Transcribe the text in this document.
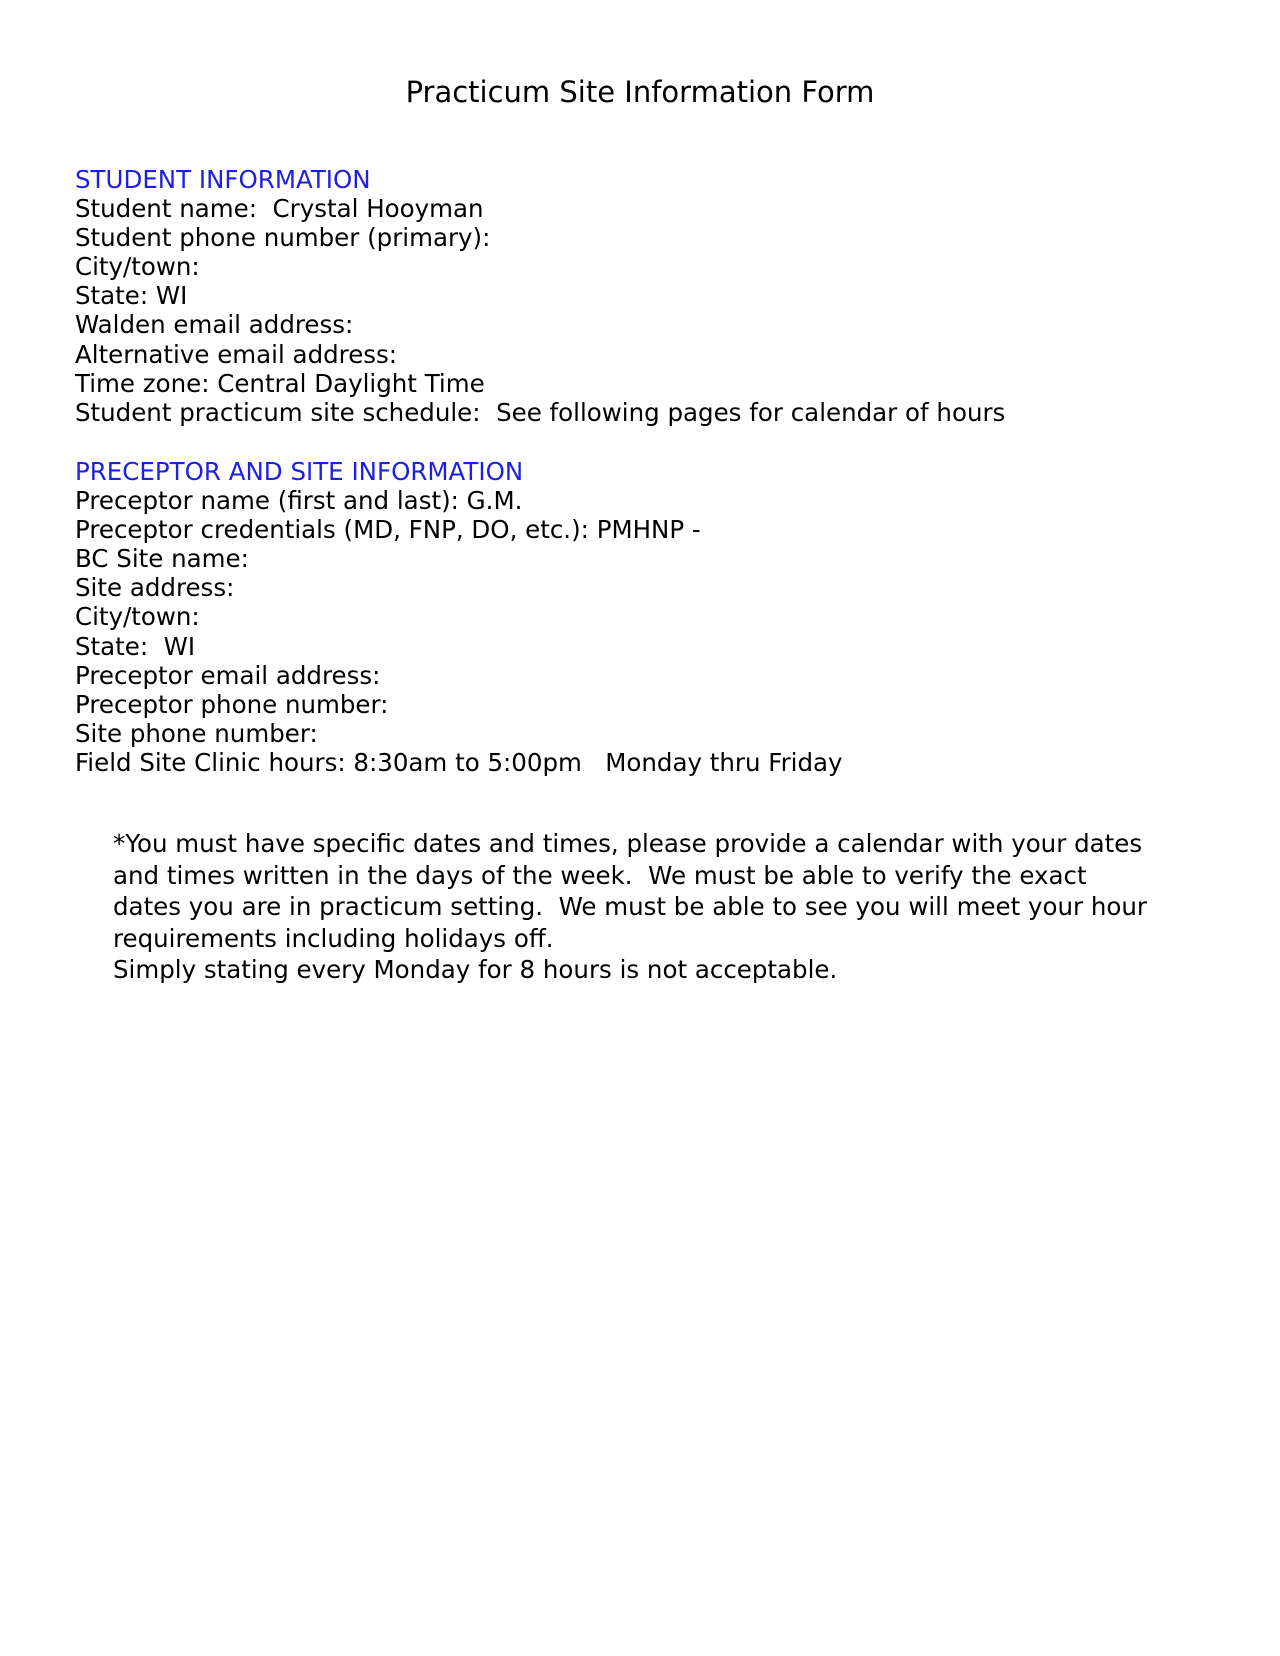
Practicum Site Information Form
STUDENT INFORMATION
Student name:  Crystal Hooyman
Student phone number (primary):
City/town:
State: WI
Walden email address:
Alternative email address:
Time zone: Central Daylight Time
Student practicum site schedule:  See following pages for calendar of hours
PRECEPTOR AND SITE INFORMATION
Preceptor name (first and last): G.M.
Preceptor credentials (MD, FNP, DO, etc.): PMHNP -
BC Site name:
Site address:
City/town:
State:  WI
Preceptor email address:
Preceptor phone number:
Site phone number:
Field Site Clinic hours: 8:30am to 5:00pm   Monday thru Friday
*You must have specific dates and times, please provide a calendar with your dates
and times written in the days of the week.  We must be able to verify the exact
dates you are in practicum setting.  We must be able to see you will meet your hour
requirements including holidays off.
Simply stating every Monday for 8 hours is not acceptable.
